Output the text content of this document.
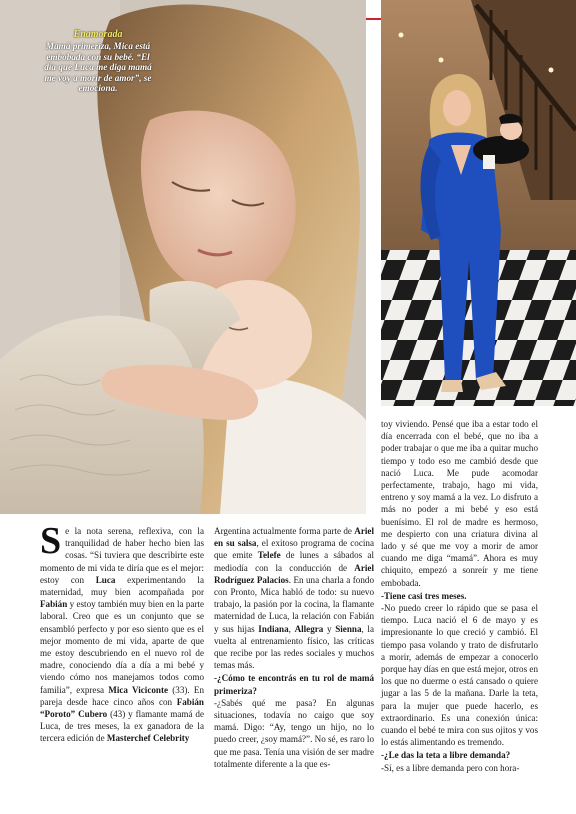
Enamorada
Mamá primeriza, Mica está embobada con su bebé. “El día que Luca me diga mamá me voy a morir de amor”, se emociona.

Se la nota serena, reflexiva, con la tranquilidad de haber hecho bien las cosas. “Si tuviera que describirte este momento de mi vida te diría que es el mejor: estoy con Luca experimentando la maternidad, muy bien acompañada por Fabián y estoy también muy bien en la parte laboral. Creo que es un conjunto que se ensambló perfecto y por eso siento que es el mejor momento de mi vida, aparte de que me estoy descubriendo en el nuevo rol de madre, conociendo día a día a mi bebé y viendo cómo nos manejamos todos como familia”, expresa Mica Viciconte (33). En pareja desde hace cinco años con Fabián “Poroto” Cubero (43) y flamante mamá de Luca, de tres meses, la ex ganadora de la tercera edición de Masterchef Celebrity

Argentina actualmente forma parte de Ariel en su salsa, el exitoso programa de cocina que emite Telefe de lunes a sábados al mediodía con la conducción de Ariel Rodríguez Palacios. En una charla a fondo con Pronto, Mica habló de todo: su nuevo trabajo, la pasión por la cocina, la flamante maternidad de Luca, la relación con Fabián y sus hijas Indiana, Allegra y Sienna, la vuelta al entrenamiento físico, las críticas que recibe por las redes sociales y muchos temas más.

-¿Cómo te encontrás en tu rol de mamá primeriza?

-¿Sabés qué me pasa? En algunas situaciones, todavía no caigo que soy mamá. Digo: “Ay, tengo un hijo, no lo puedo creer, ¿soy mamá?”. No sé, es raro lo que me pasa. Tenía una visión de ser madre totalmente diferente a la que es-

toy viviendo. Pensé que iba a estar todo el día encerrada con el bebé, que no iba a poder trabajar o que me iba a quitar mucho tiempo y todo eso me cambió desde que nació Luca. Me pude acomodar perfectamente, trabajo, hago mi vida, entreno y soy mamá a la vez. Lo disfruto a más no poder a mi bebé y eso está buenísimo. El rol de madre es hermoso, me despierto con una criatura divina al lado y sé que me voy a morir de amor cuando me diga “mamá”. Ahora es muy chiquito, empezó a sonreír y me tiene embobada.

-Tiene casi tres meses.

-No puedo creer lo rápido que se pasa el tiempo. Luca nació el 6 de mayo y es impresionante lo que creció y cambió. El tiempo pasa volando y trato de disfrutarlo a morir, además de empezar a conocerlo porque hay días en que está mejor, otros en los que no duerme o está cansado o quiere jugar a las 5 de la mañana. Darle la teta, para la mujer que puede hacerlo, es extraordinario. Es una conexión única: cuando el bebé te mira con sus ojitos y vos lo estás alimentando es tremendo.

-¿Le das la teta a libre demanda?

-Sí, es a libre demanda pero con hora-
